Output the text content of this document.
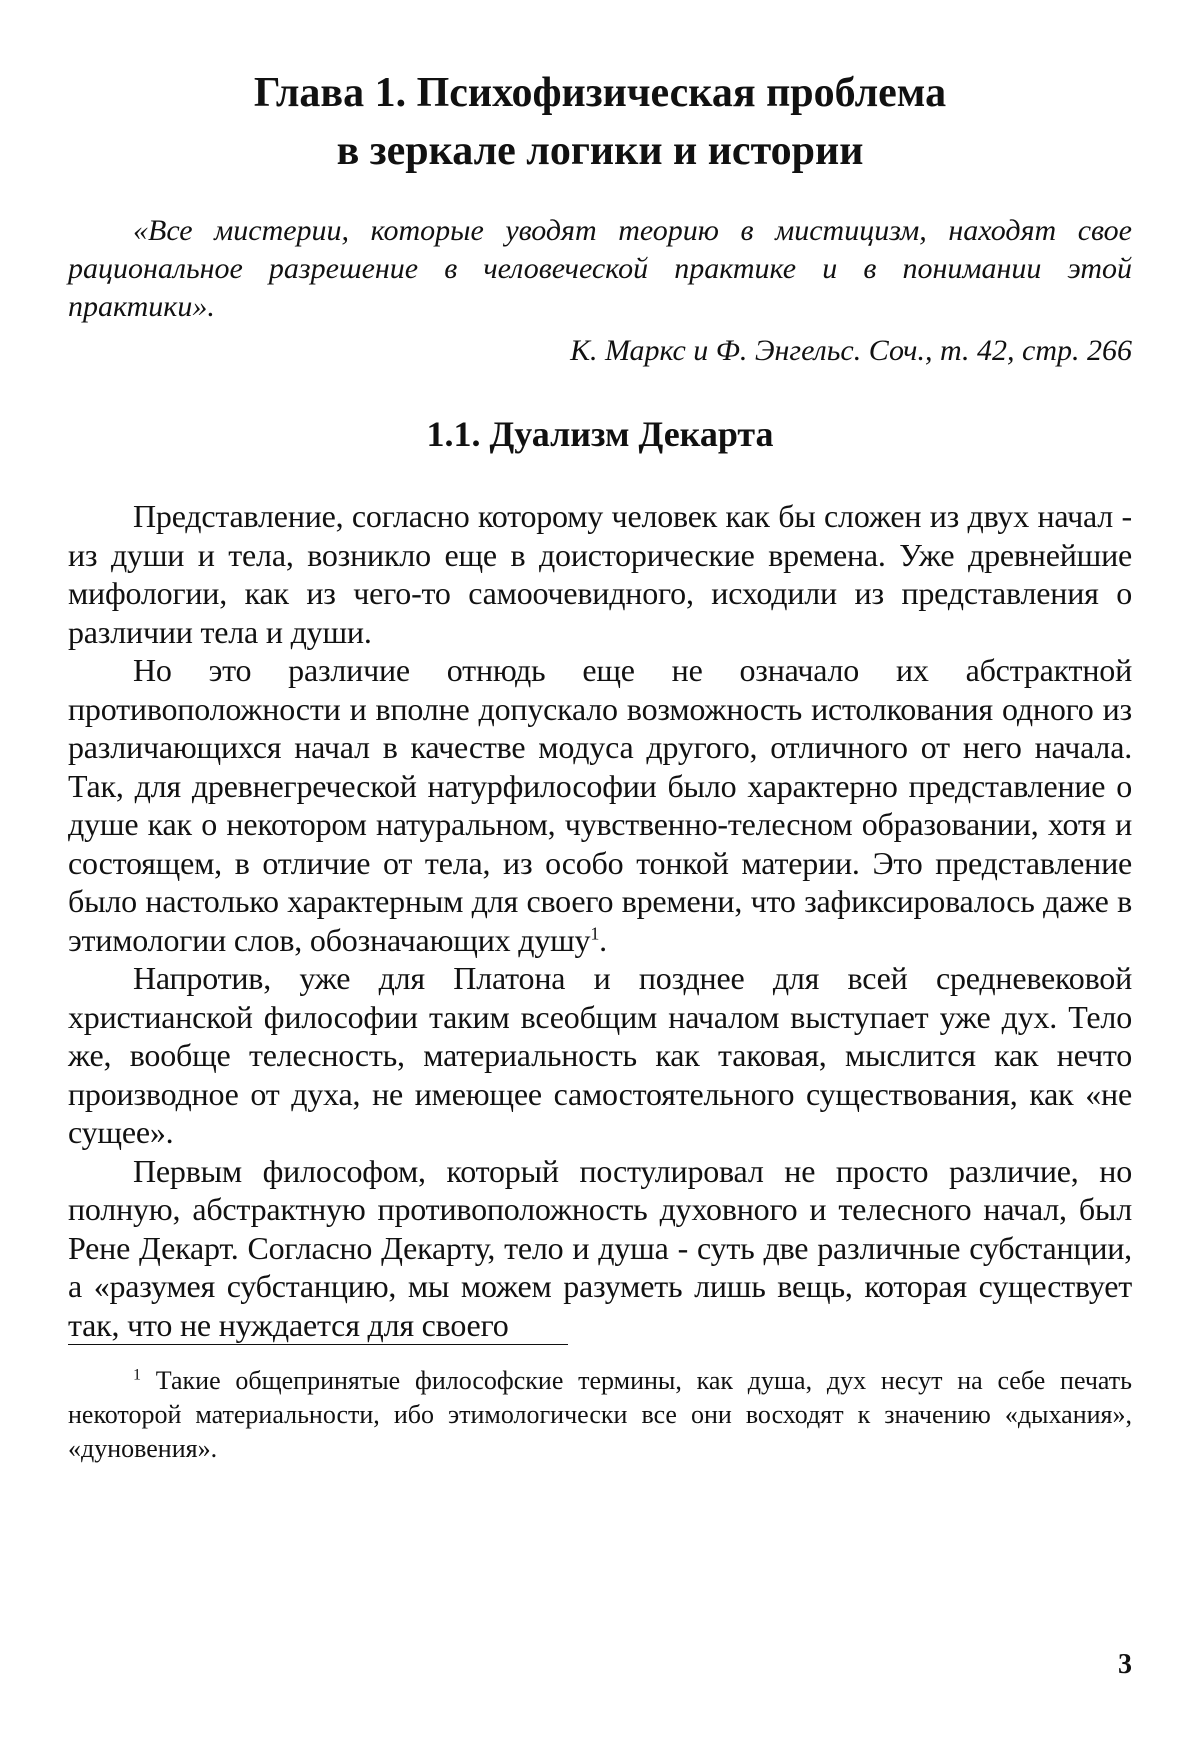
Глава 1. Психофизическая проблема
в зеркале логики и истории

«Все мистерии, которые уводят теорию в мистицизм, находят свое рациональное разрешение в человеческой практике и в понимании этой практики».

К. Маркс и Ф. Энгельс. Соч., т. 42, стр. 266

1.1. Дуализм Декарта

Представление, согласно которому человек как бы сложен из двух начал - из души и тела, возникло еще в доисторические времена. Уже древнейшие мифологии, как из чего-то самоочевидного, исходили из представления о различии тела и души.

Но это различие отнюдь еще не означало их абстрактной противоположности и вполне допускало возможность истолкования одного из различающихся начал в качестве модуса другого, отличного от него начала. Так, для древнегреческой натурфилософии было характерно представление о душе как о некотором натуральном, чувственно-телесном образовании, хотя и состоящем, в отличие от тела, из особо тонкой материи. Это представление было настолько характерным для своего времени, что зафиксировалось даже в этимологии слов, обозначающих душу$^1$.

Напротив, уже для Платона и позднее для всей средневековой христианской философии таким всеобщим началом выступает уже дух. Тело же, вообще телесность, материальность как таковая, мыслится как нечто производное от духа, не имеющее самостоятельного существования, как «не сущее».

Первым философом, который постулировал не просто различие, но полную, абстрактную противоположность духовного и телесного начал, был Рене Декарт. Согласно Декарту, тело и душа - суть две различные субстанции, а «разумея субстанцию, мы можем разуметь лишь вещь, которая существует так, что не нуждается для своего

$^1$ Такие общепринятые философские термины, как душа, дух несут на себе печать некоторой материальности, ибо этимологически все они восходят к значению «дыхания», «дуновения».

3
